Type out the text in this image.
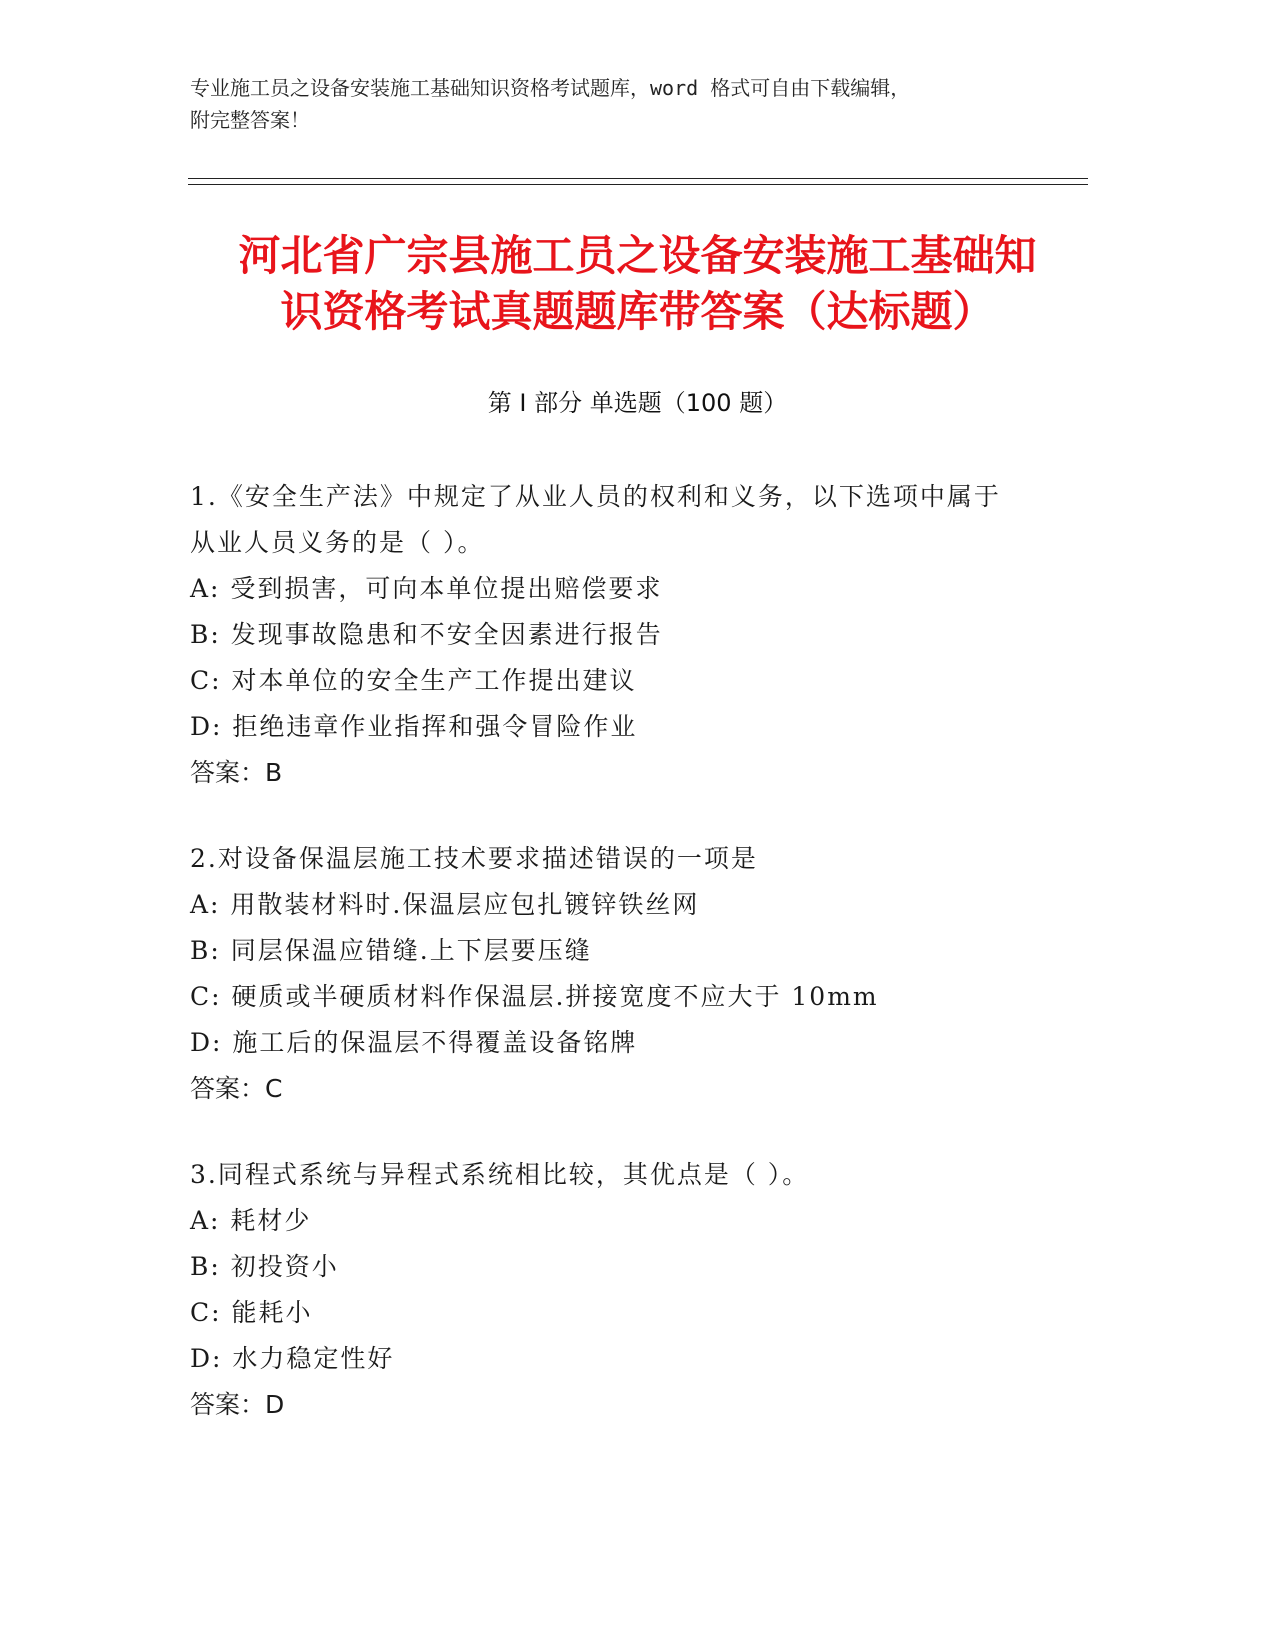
专业施工员之设备安装施工基础知识资格考试题库，word 格式可自由下载编辑，
附完整答案！
河北省广宗县施工员之设备安装施工基础知
识资格考试真题题库带答案（达标题）
第 I 部分 单选题（100 题）
1.《安全生产法》中规定了从业人员的权利和义务，以下选项中属于
从业人员义务的是（ ）。
A: 受到损害，可向本单位提出赔偿要求
B: 发现事故隐患和不安全因素进行报告
C: 对本单位的安全生产工作提出建议
D: 拒绝违章作业指挥和强令冒险作业
答案：B
2.对设备保温层施工技术要求描述错误的一项是
A: 用散装材料时.保温层应包扎镀锌铁丝网
B: 同层保温应错缝.上下层要压缝
C: 硬质或半硬质材料作保温层.拼接宽度不应大于 10mm
D: 施工后的保温层不得覆盖设备铭牌
答案：C
3.同程式系统与异程式系统相比较，其优点是（ ）。
A: 耗材少
B: 初投资小
C: 能耗小
D: 水力稳定性好
答案：D
